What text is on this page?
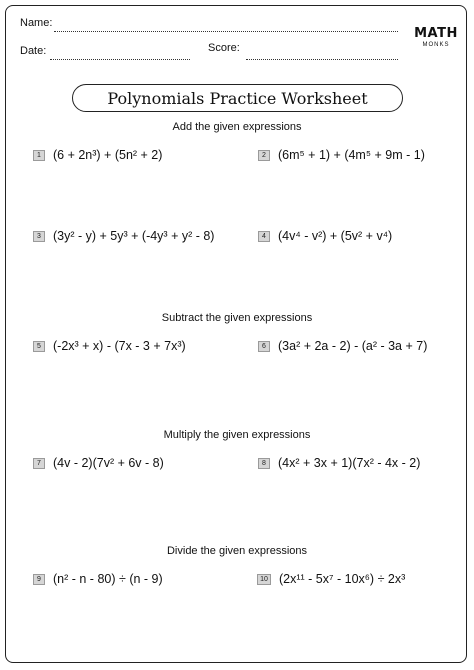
Name:
Date:	Score:
MATH
MONKS
Polynomials Practice Worksheet
Add the given expressions
1 (6 + 2n³) + (5n² + 2)	2 (6m⁵ + 1) + (4m⁵ + 9m - 1)
3 (3y² - y) + 5y³ + (-4y³ + y² - 8)	4 (4v⁴ - v²) + (5v² + v⁴)
Subtract the given expressions
5 (-2x³ + x) - (7x - 3 + 7x³)	6 (3a² + 2a - 2) - (a² - 3a + 7)
Multiply the given expressions
7 (4v - 2)(7v² + 6v - 8)	8 (4x² + 3x + 1)(7x² - 4x - 2)
Divide the given expressions
9 (n² - n - 80) ÷ (n - 9)	10 (2x¹¹ - 5x⁷ - 10x⁶) ÷ 2x³
